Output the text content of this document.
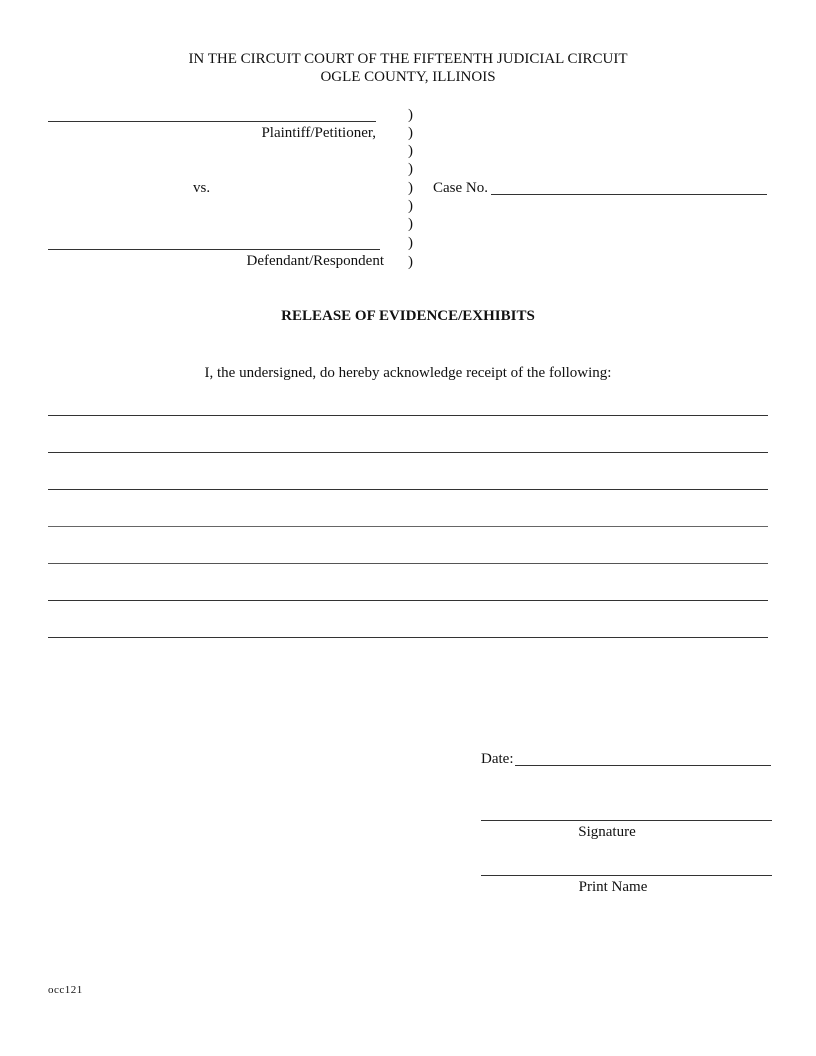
IN THE CIRCUIT COURT OF THE FIFTEENTH JUDICIAL CIRCUIT
OGLE COUNTY, ILLINOIS
Plaintiff/Petitioner,
vs.
Defendant/Respondent
)
)
)
)
)
)
)
)
)
Case No.
RELEASE OF EVIDENCE/EXHIBITS
I, the undersigned, do hereby acknowledge receipt of the following:
Date:
Signature
Print Name
occ121
